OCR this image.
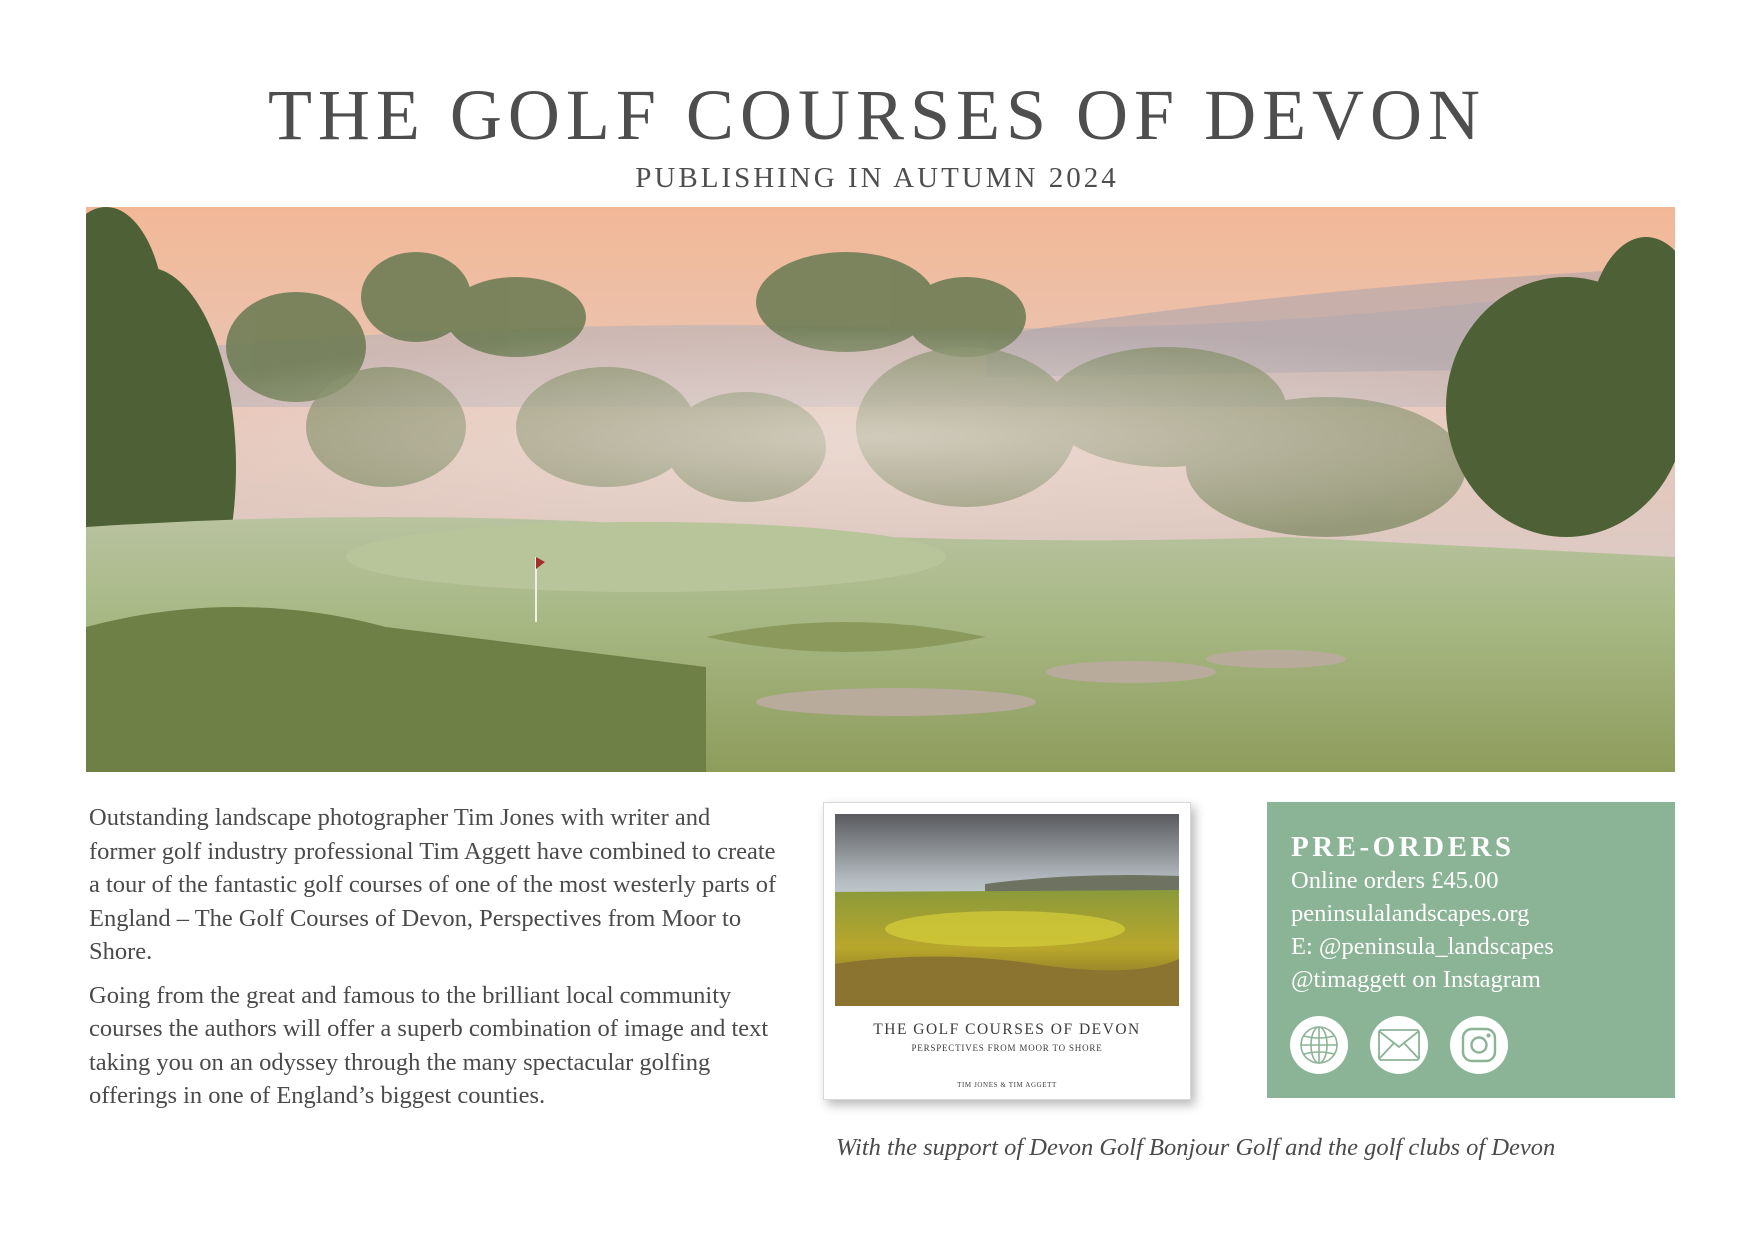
THE GOLF COURSES OF DEVON
PUBLISHING IN AUTUMN 2024

Outstanding landscape photographer Tim Jones with writer and former golf industry professional Tim Aggett have combined to create a tour of the fantastic golf courses of one of the most westerly parts of England – The Golf Courses of Devon, Perspectives from Moor to Shore.

Going from the great and famous to the brilliant local community courses the authors will offer a superb combination of image and text taking you on an odyssey through the many spectacular golfing offerings in one of England’s biggest counties.

THE GOLF COURSES OF DEVON
PERSPECTIVES FROM MOOR TO SHORE
TIM JONES & TIM AGGETT
PRE-ORDERS
Online orders £45.00
peninsulalandscapes.org
E: @peninsula_landscapes
@timaggett on Instagram
With the support of Devon Golf Bonjour Golf and the golf clubs of Devon
